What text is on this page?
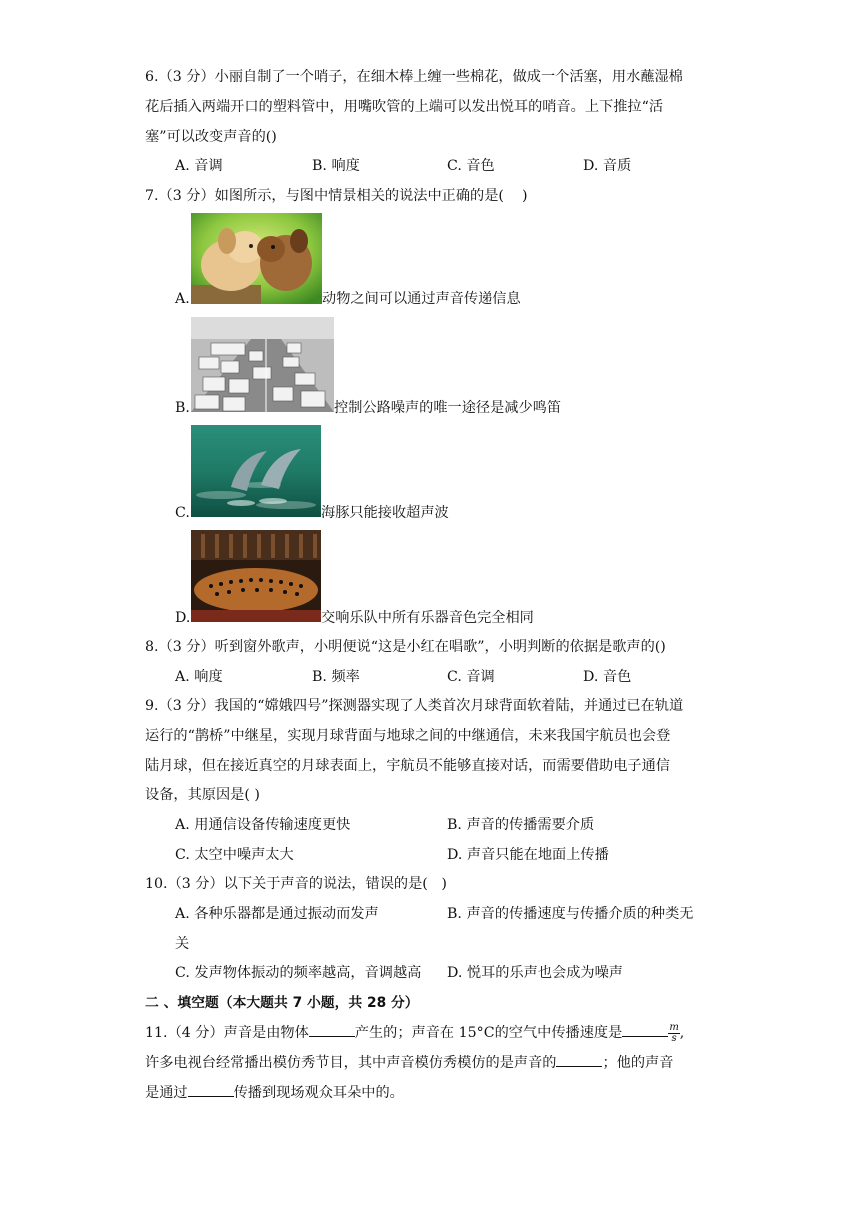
6.（3 分）小丽自制了一个哨子，在细木棒上缠一些棉花，做成一个活塞，用水蘸湿棉
花后插入两端开口的塑料管中，用嘴吹管的上端可以发出悦耳的哨音。上下推拉“活
塞”可以改变声音的()
A. 音调	B. 响度	C. 音色	D. 音质
7.（3 分）如图所示，与图中情景相关的说法中正确的是(    )
A.	动物之间可以通过声音传递信息
B.	控制公路噪声的唯一途径是减少鸣笛
C.	海豚只能接收超声波
D.	交响乐队中所有乐器音色完全相同
8.（3 分）听到窗外歌声，小明便说“这是小红在唱歌”，小明判断的依据是歌声的()
A. 响度	B. 频率	C. 音调	D. 音色
9.（3 分）我国的“嫦娥四号”探测器实现了人类首次月球背面软着陆，并通过已在轨道
运行的“鹊桥”中继星，实现月球背面与地球之间的中继通信，未来我国宇航员也会登
陆月球，但在接近真空的月球表面上，宇航员不能够直接对话，而需要借助电子通信
设备，其原因是( )
A. 用通信设备传输速度更快	B. 声音的传播需要介质
C. 太空中噪声太大	D. 声音只能在地面上传播
10.（3 分）以下关于声音的说法，错误的是(   )
A. 各种乐器都是通过振动而发声	B. 声音的传播速度与传播介质的种类无
关
C. 发声物体振动的频率越高，音调越高 D. 悦耳的乐声也会成为噪声
二 、填空题（本大题共 7 小题，共 28 分）
11.（4 分）声音是由物体	产生的；声音在 15°C的空气中传播速度是	$\frac{m}{s}$ ,
许多电视台经常播出模仿秀节目，其中声音模仿秀模仿的是声音的	；他的声音
是通过	传播到现场观众耳朵中的。
